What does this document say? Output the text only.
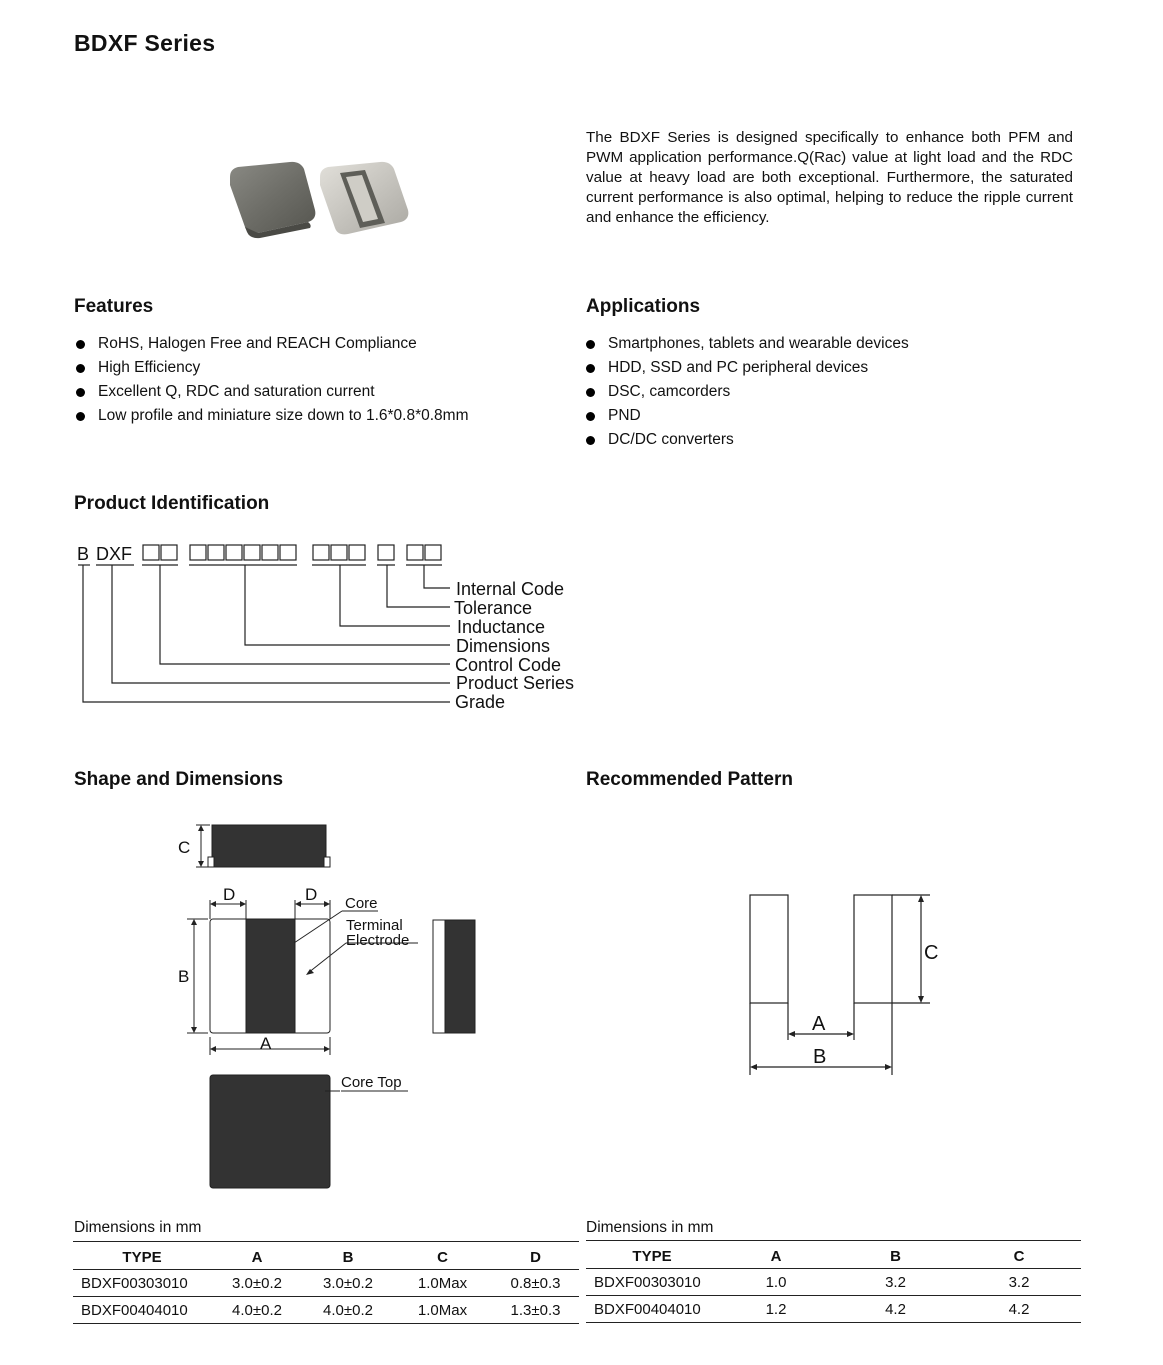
BDXF Series
The BDXF Series is designed specifically to enhance both PFM and PWM application performance.Q(Rac) value at light load and the RDC value at heavy load are both exceptional. Furthermore, the saturated current performance is also optimal, helping to reduce the ripple current and enhance the efficiency.
Features
RoHS, Halogen Free and REACH Compliance
High Efficiency
Excellent Q, RDC and saturation current
Low profile and miniature size down to 1.6*0.8*0.8mm
Applications
Smartphones, tablets and wearable devices
HDD, SSD and PC peripheral devices
DSC, camcorders
PND
DC/DC converters
Product Identification
B DXF
Internal Code
Tolerance
Inductance
Dimensions
Control Code
Product Series
Grade
Shape and Dimensions
C
D	D
B
A
Core
Terminal
Electrode
Core Top
Recommended Pattern
C
A
B
Dimensions in mm
TYPE	A	B	C	D
BDXF00303010	3.0±0.2	3.0±0.2	1.0Max	0.8±0.3
BDXF00404010	4.0±0.2	4.0±0.2	1.0Max	1.3±0.3
Dimensions in mm
TYPE	A	B	C
BDXF00303010	1.0	3.2	3.2
BDXF00404010	1.2	4.2	4.2
